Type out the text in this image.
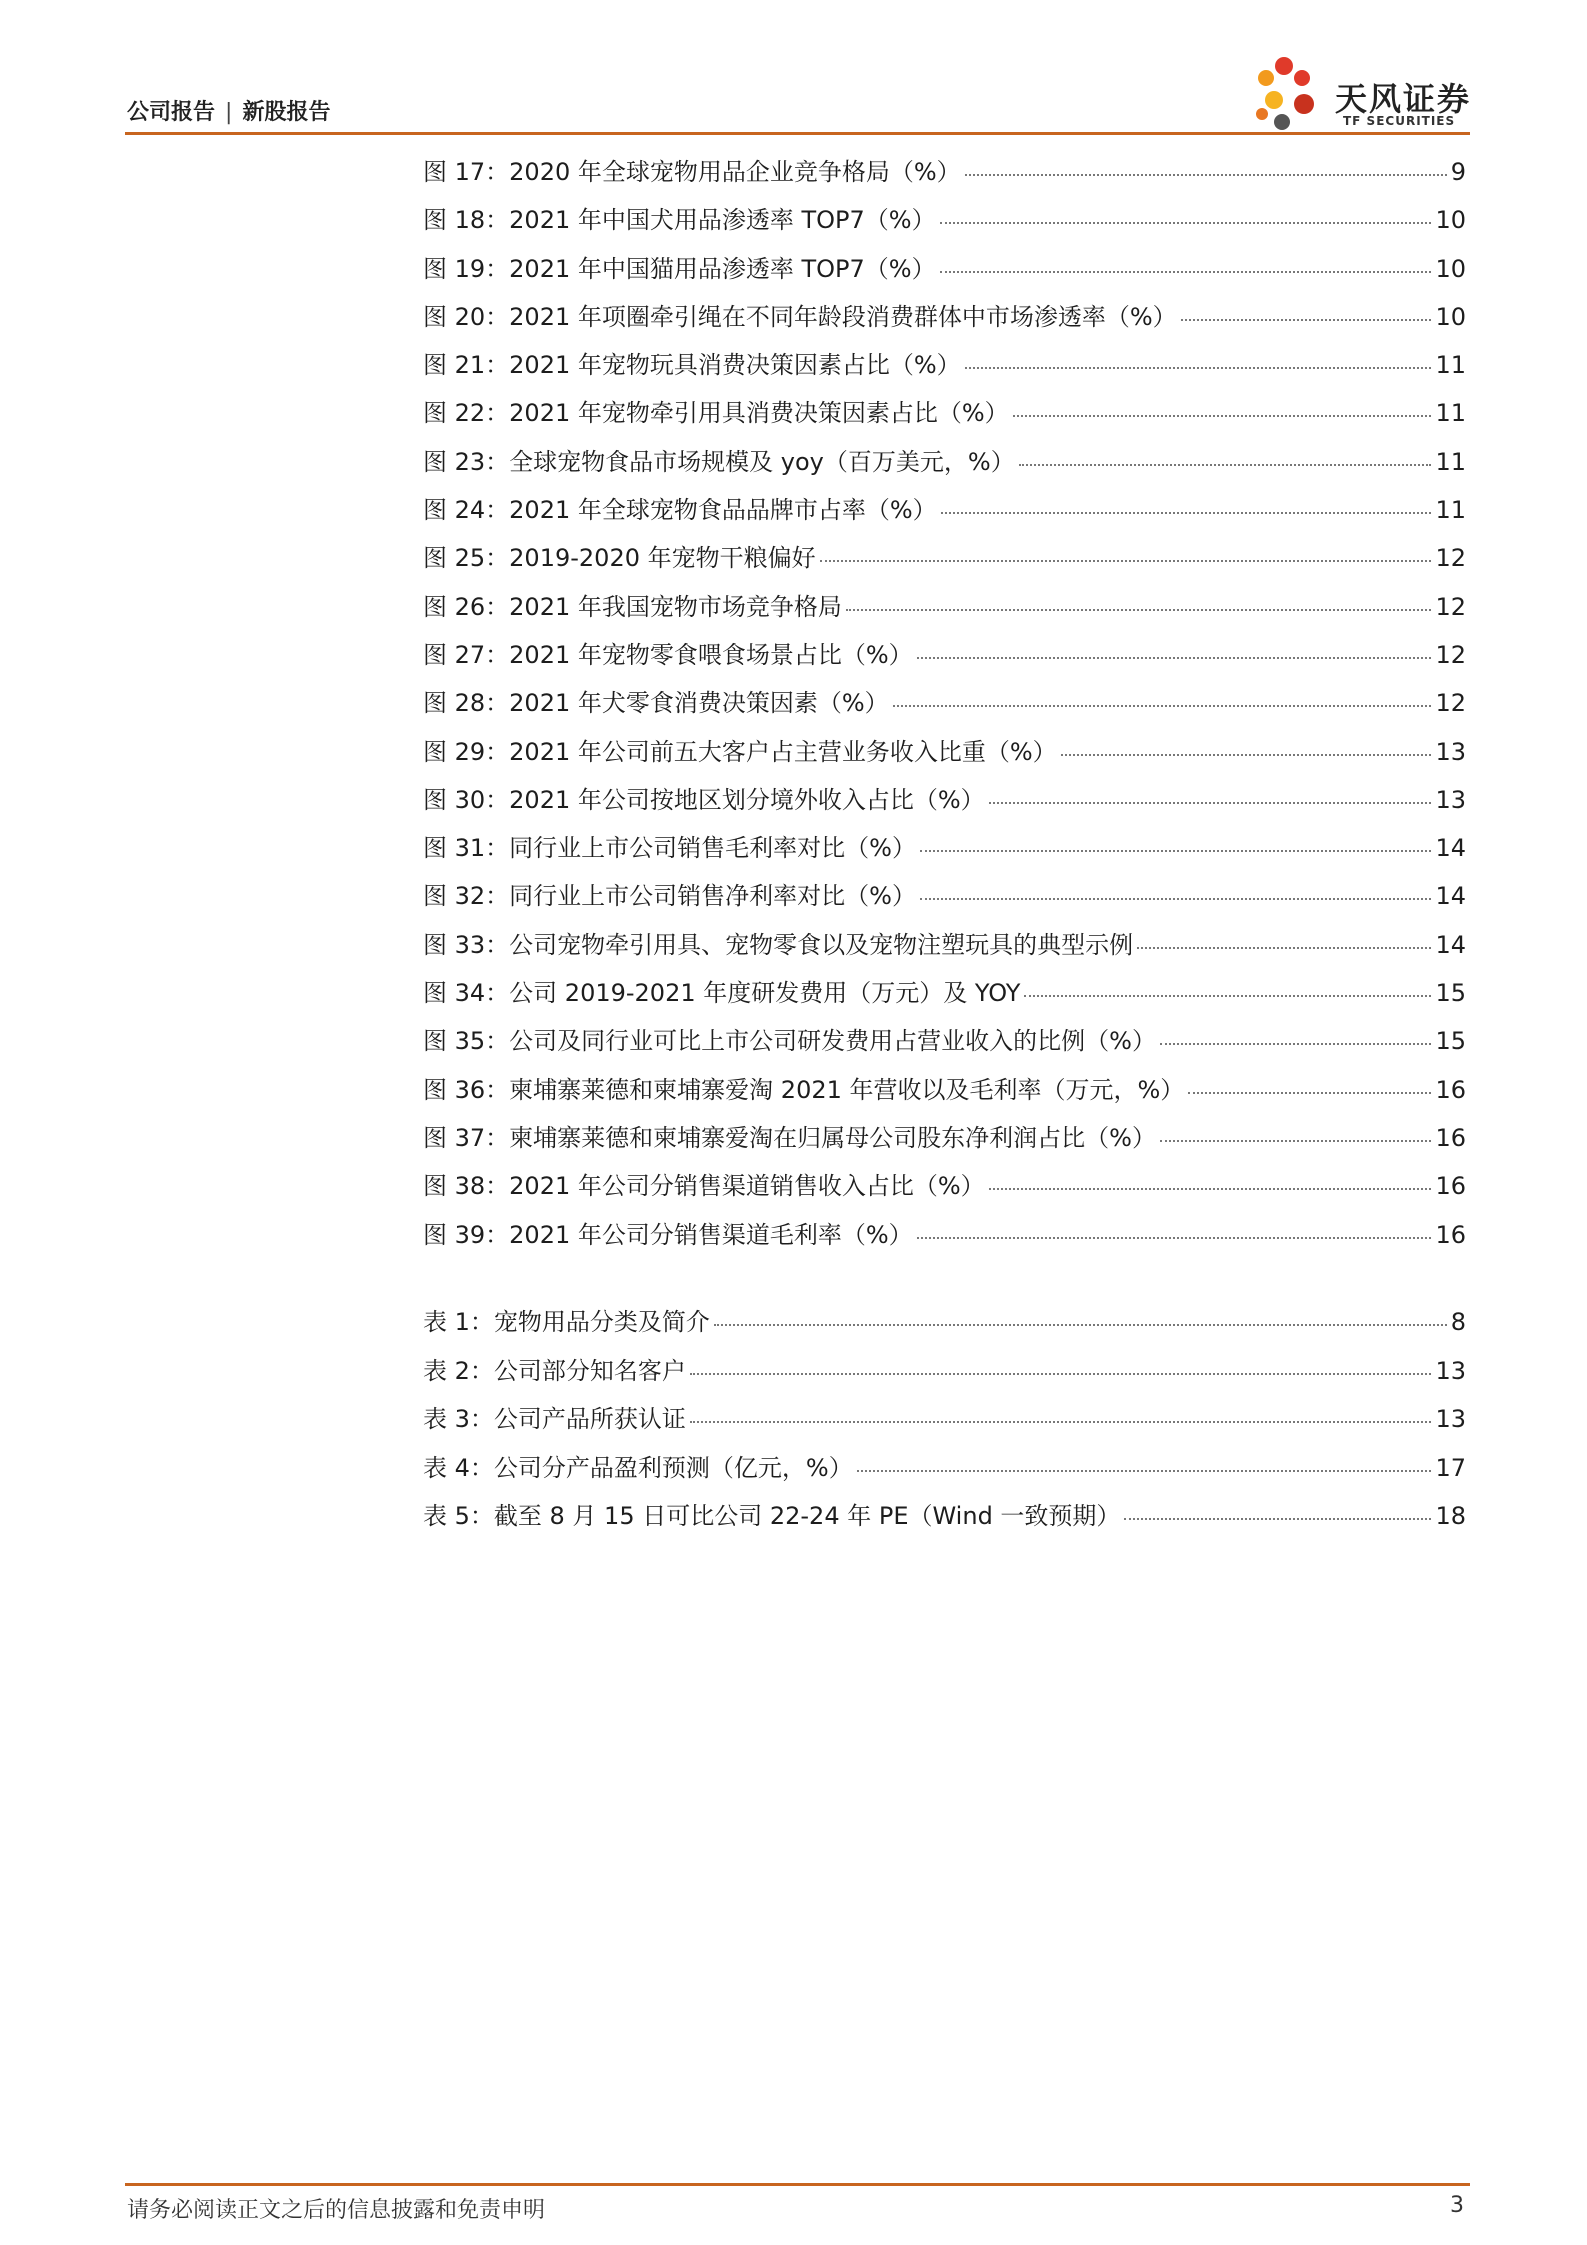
公司报告 | 新股报告	天风证券
TF SECURITIES
图 17：2020 年全球宠物用品企业竞争格局（%）	9
图 18：2021 年中国犬用品渗透率 TOP7（%）	10
图 19：2021 年中国猫用品渗透率 TOP7（%）	10
图 20：2021 年项圈牵引绳在不同年龄段消费群体中市场渗透率（%）	10
图 21：2021 年宠物玩具消费决策因素占比（%）	11
图 22：2021 年宠物牵引用具消费决策因素占比（%）	11
图 23：全球宠物食品市场规模及 yoy（百万美元，%）	11
图 24：2021 年全球宠物食品品牌市占率（%）	11
图 25：2019-2020 年宠物干粮偏好	12
图 26：2021 年我国宠物市场竞争格局	12
图 27：2021 年宠物零食喂食场景占比（%）	12
图 28：2021 年犬零食消费决策因素（%）	12
图 29：2021 年公司前五大客户占主营业务收入比重（%）	13
图 30：2021 年公司按地区划分境外收入占比（%）	13
图 31：同行业上市公司销售毛利率对比（%）	14
图 32：同行业上市公司销售净利率对比（%）	14
图 33：公司宠物牵引用具、宠物零食以及宠物注塑玩具的典型示例	14
图 34：公司 2019-2021 年度研发费用（万元）及 YOY	15
图 35：公司及同行业可比上市公司研发费用占营业收入的比例（%）	15
图 36：柬埔寨莱德和柬埔寨爱淘 2021 年营收以及毛利率（万元，%）	16
图 37：柬埔寨莱德和柬埔寨爱淘在归属母公司股东净利润占比（%）	16
图 38：2021 年公司分销售渠道销售收入占比（%）	16
图 39：2021 年公司分销售渠道毛利率（%）	16
表 1：宠物用品分类及简介	8
表 2：公司部分知名客户	13
表 3：公司产品所获认证	13
表 4：公司分产品盈利预测（亿元，%）	17
表 5：截至 8 月 15 日可比公司 22-24 年 PE（Wind 一致预期）	18
请务必阅读正文之后的信息披露和免责申明	3
